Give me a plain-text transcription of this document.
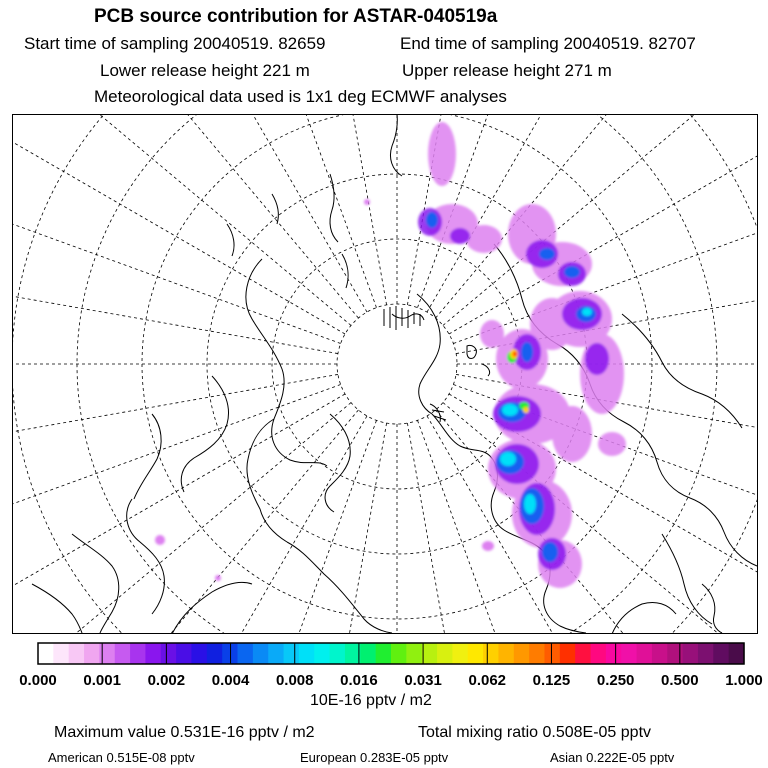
PCB source contribution for ASTAR-040519a
Start time of sampling 20040519. 82659	End time of sampling 20040519. 82707
Lower release height 221 m	Upper release height 271 m
Meteorological data used is 1x1 deg ECMWF analyses
0.000 0.001 0.002 0.004 0.008 0.016 0.031 0.062 0.125 0.250 0.500 1.000
10E-16 pptv / m2
Maximum value 0.531E-16 pptv / m2	Total mixing ratio 0.508E-05 pptv
American 0.515E-08 pptv	European 0.283E-05 pptv	Asian 0.222E-05 pptv
